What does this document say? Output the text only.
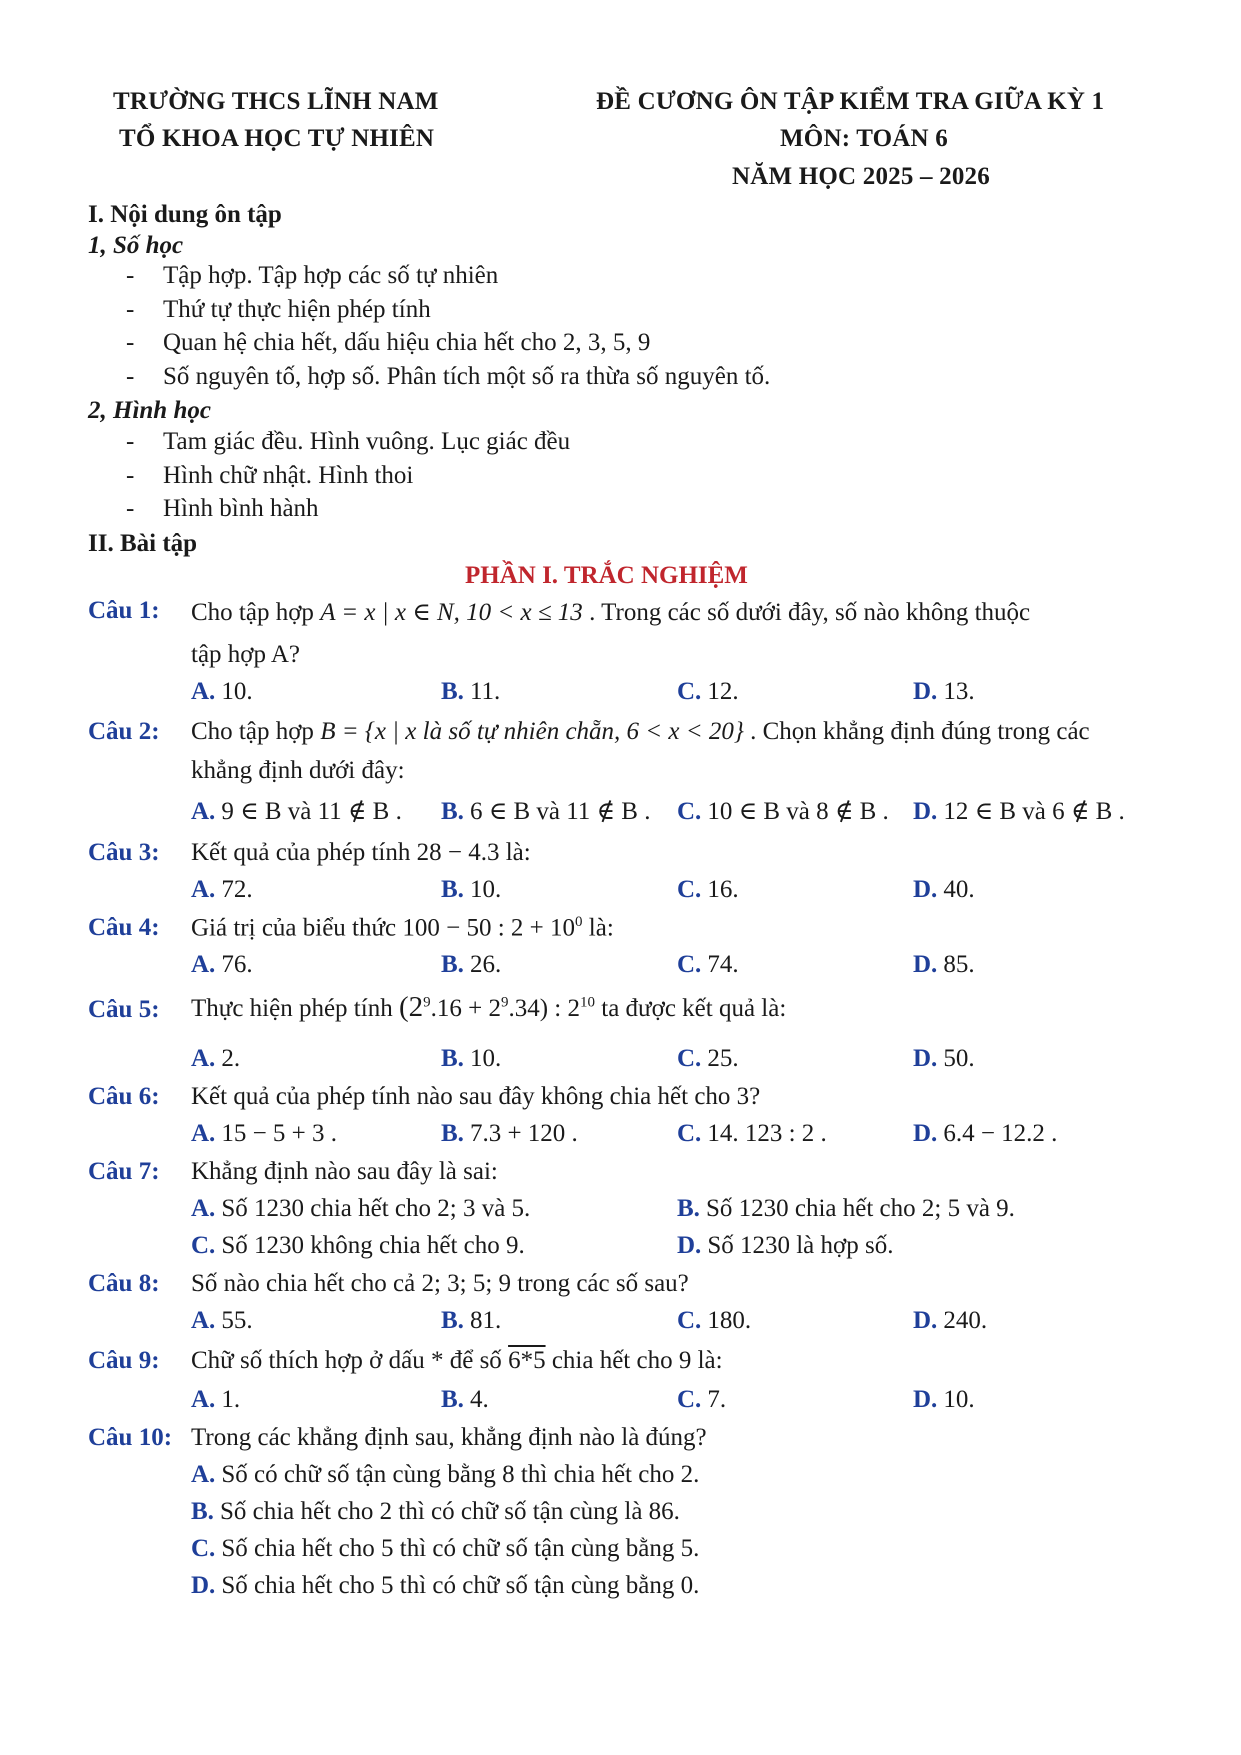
TRƯỜNG THCS LĨNH NAM
TỔ KHOA HỌC TỰ NHIÊN
ĐỀ CƯƠNG ÔN TẬP KIỂM TRA GIỮA KỲ 1
MÔN: TOÁN 6
NĂM HỌC 2025 – 2026
I. Nội dung ôn tập
1, Số học
- Tập hợp. Tập hợp các số tự nhiên
- Thứ tự thực hiện phép tính
- Quan hệ chia hết, dấu hiệu chia hết cho 2, 3, 5, 9
- Số nguyên tố, hợp số. Phân tích một số ra thừa số nguyên tố.
2, Hình học
- Tam giác đều. Hình vuông. Lục giác đều
- Hình chữ nhật. Hình thoi
- Hình bình hành
II. Bài tập
PHẦN I. TRẮC NGHIỆM
Câu 1: Cho tập hợp A = x | x ∈ N, 10 < x ≤ 13 . Trong các số dưới đây, số nào không thuộc
tập hợp A?
A. 10.	B. 11.	C. 12.	D. 13.
Câu 2: Cho tập hợp B = {x | x là số tự nhiên chẵn, 6 < x < 20} . Chọn khẳng định đúng trong các
khẳng định dưới đây:
A. 9 ∈ B và 11 ∉ B . B. 6 ∈ B và 11 ∉ B . C. 10 ∈ B và 8 ∉ B . D. 12 ∈ B và 6 ∉ B .
Câu 3: Kết quả của phép tính 28 − 4.3 là:
A. 72.	B. 10.	C. 16.	D. 40.
Câu 4: Giá trị của biểu thức 100 − 50 : $2 + 10^0$ là:
A. 76.	B. 26.	C. 74.	D. 85.
Câu 5: Thực hiện phép tính $(2^9.16 + 2^9.34)$ : $2^{10}$ ta được kết quả là:
A. 2.	B. 10.	C. 25.	D. 50.
Câu 6: Kết quả của phép tính nào sau đây không chia hết cho 3?
A. 15 − 5 + 3 .	B. 7.3 + 120 .	C. 14. 123 : 2 .	D. 6.4 − 12.2 .
Câu 7: Khẳng định nào sau đây là sai:
A. Số 1230 chia hết cho 2; 3 và 5.	B. Số 1230 chia hết cho 2; 5 và 9.
C. Số 1230 không chia hết cho 9.	D. Số 1230 là hợp số.
Câu 8: Số nào chia hết cho cả 2; 3; 5; 9 trong các số sau?
A. 55.	B. 81.	C. 180.	D. 240.
Câu 9: Chữ số thích hợp ở dấu * để số 6*5 chia hết cho 9 là:
A. 1.	B. 4.	C. 7.	D. 10.
Câu 10: Trong các khẳng định sau, khẳng định nào là đúng?
A. Số có chữ số tận cùng bằng 8 thì chia hết cho 2.
B. Số chia hết cho 2 thì có chữ số tận cùng là 86.
C. Số chia hết cho 5 thì có chữ số tận cùng bằng 5.
D. Số chia hết cho 5 thì có chữ số tận cùng bằng 0.
